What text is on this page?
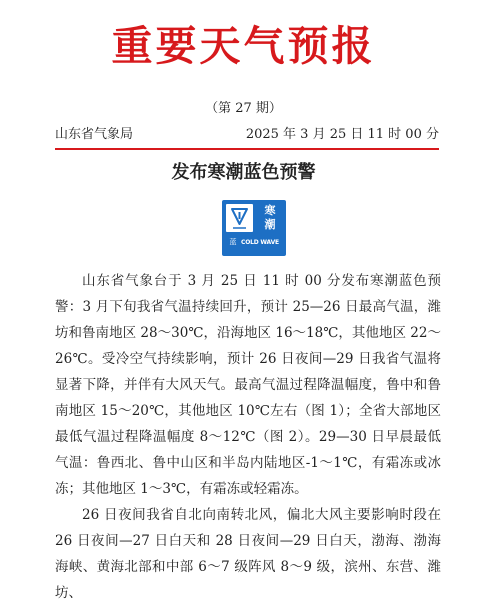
重要天气预报
（第 27 期）
山东省气象局	2025 年 3 月 25 日 11 时 00 分
发布寒潮蓝色预警
寒
潮
蓝 COLD WAVE

山东省气象台于 3 月 25 日 11 时 00 分发布寒潮蓝色预警：3 月下旬我省气温持续回升，预计 25—26 日最高气温，潍坊和鲁南地区 28～30℃，沿海地区 16～18℃，其他地区 22～26℃。受冷空气持续影响，预计 26 日夜间—29 日我省气温将显著下降，并伴有大风天气。最高气温过程降温幅度，鲁中和鲁南地区 15～20℃，其他地区 10℃左右（图 1）；全省大部地区最低气温过程降温幅度 8～12℃（图 2）。29—30 日早晨最低气温：鲁西北、鲁中山区和半岛内陆地区-1～1℃，有霜冻或冰冻；其他地区 1～3℃，有霜冻或轻霜冻。

26 日夜间我省自北向南转北风，偏北大风主要影响时段在 26 日夜间—27 日白天和 28 日夜间—29 日白天，渤海、渤海海峡、黄海北部和中部 6～7 级阵风 8～9 级，滨州、东营、潍坊、
